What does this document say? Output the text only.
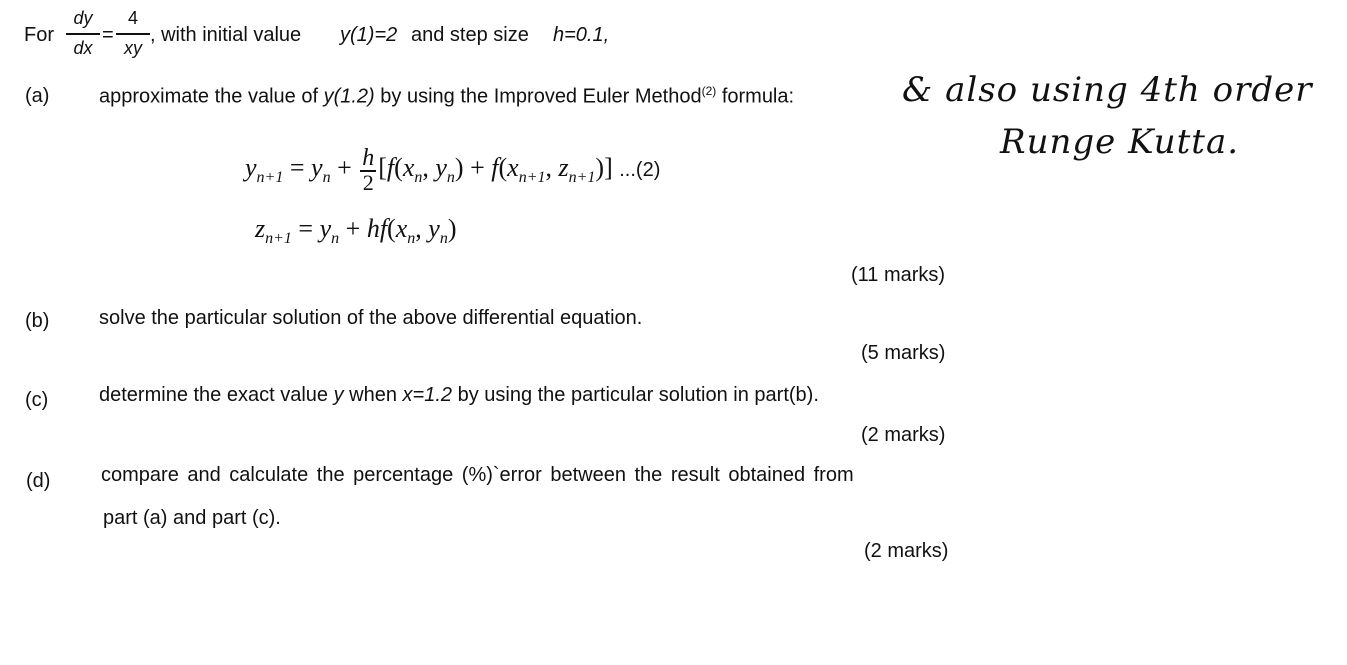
For
dy
dx
=
4
xy
, with initial value y(1)=2 and step size h=0.1,
(a) approximate the value of y(1.2) by using the Improved Euler Method$^{(2)}$ formula:
$y_{n+1} = y_n + \frac{h}{2} [f(x_n$, $y_n) + f(x_{n+1}$, $z_{n+1}$)] ...(2)
$z_{n+1} = y_n + hf(x_n$, $y_n$)
(11 marks)
(b) solve the particular solution of the above differential equation.
(5 marks)
(c)	determine the exact value y when x=1.2 by using the particular solution in part(b).
(2 marks)
(d)	compare and calculate the percentage (%)`error between the result obtained from
part (a) and part (c).
(2 marks)
& also using 4th order
Runge Kutta.
